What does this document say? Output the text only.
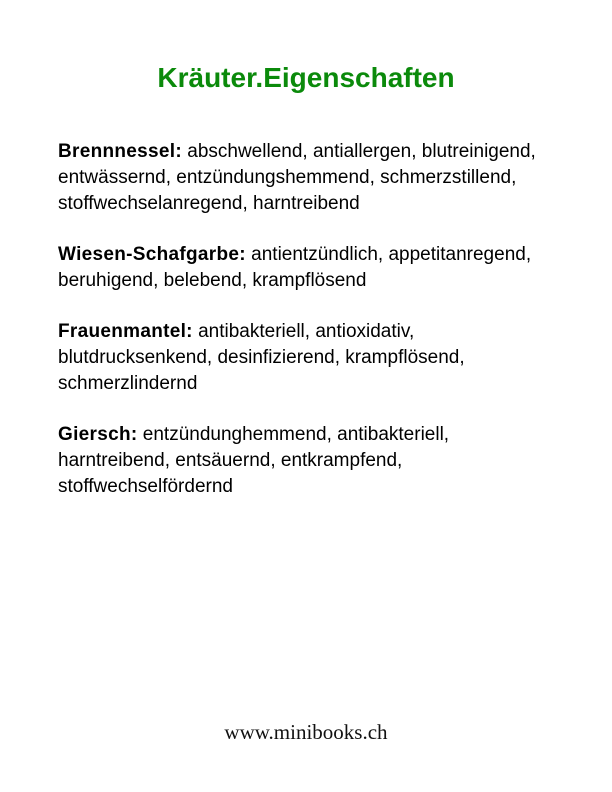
Kräuter.Eigenschaften

Brennnessel: abschwellend, antiallergen, blutreinigend, entwässernd, entzündungshemmend, schmerzstillend, stoffwechselanregend, harntreibend

Wiesen-Schafgarbe: antientzündlich, appetitanregend, beruhigend, belebend, krampflösend

Frauenmantel: antibakteriell, antioxidativ, blutdrucksenkend, desinfizierend, krampflösend,  schmerzlindernd

Giersch: entzündunghemmend, antibakteriell, harntreibend, entsäuernd, entkrampfend, stoffwechselfördernd

www.minibooks.ch
